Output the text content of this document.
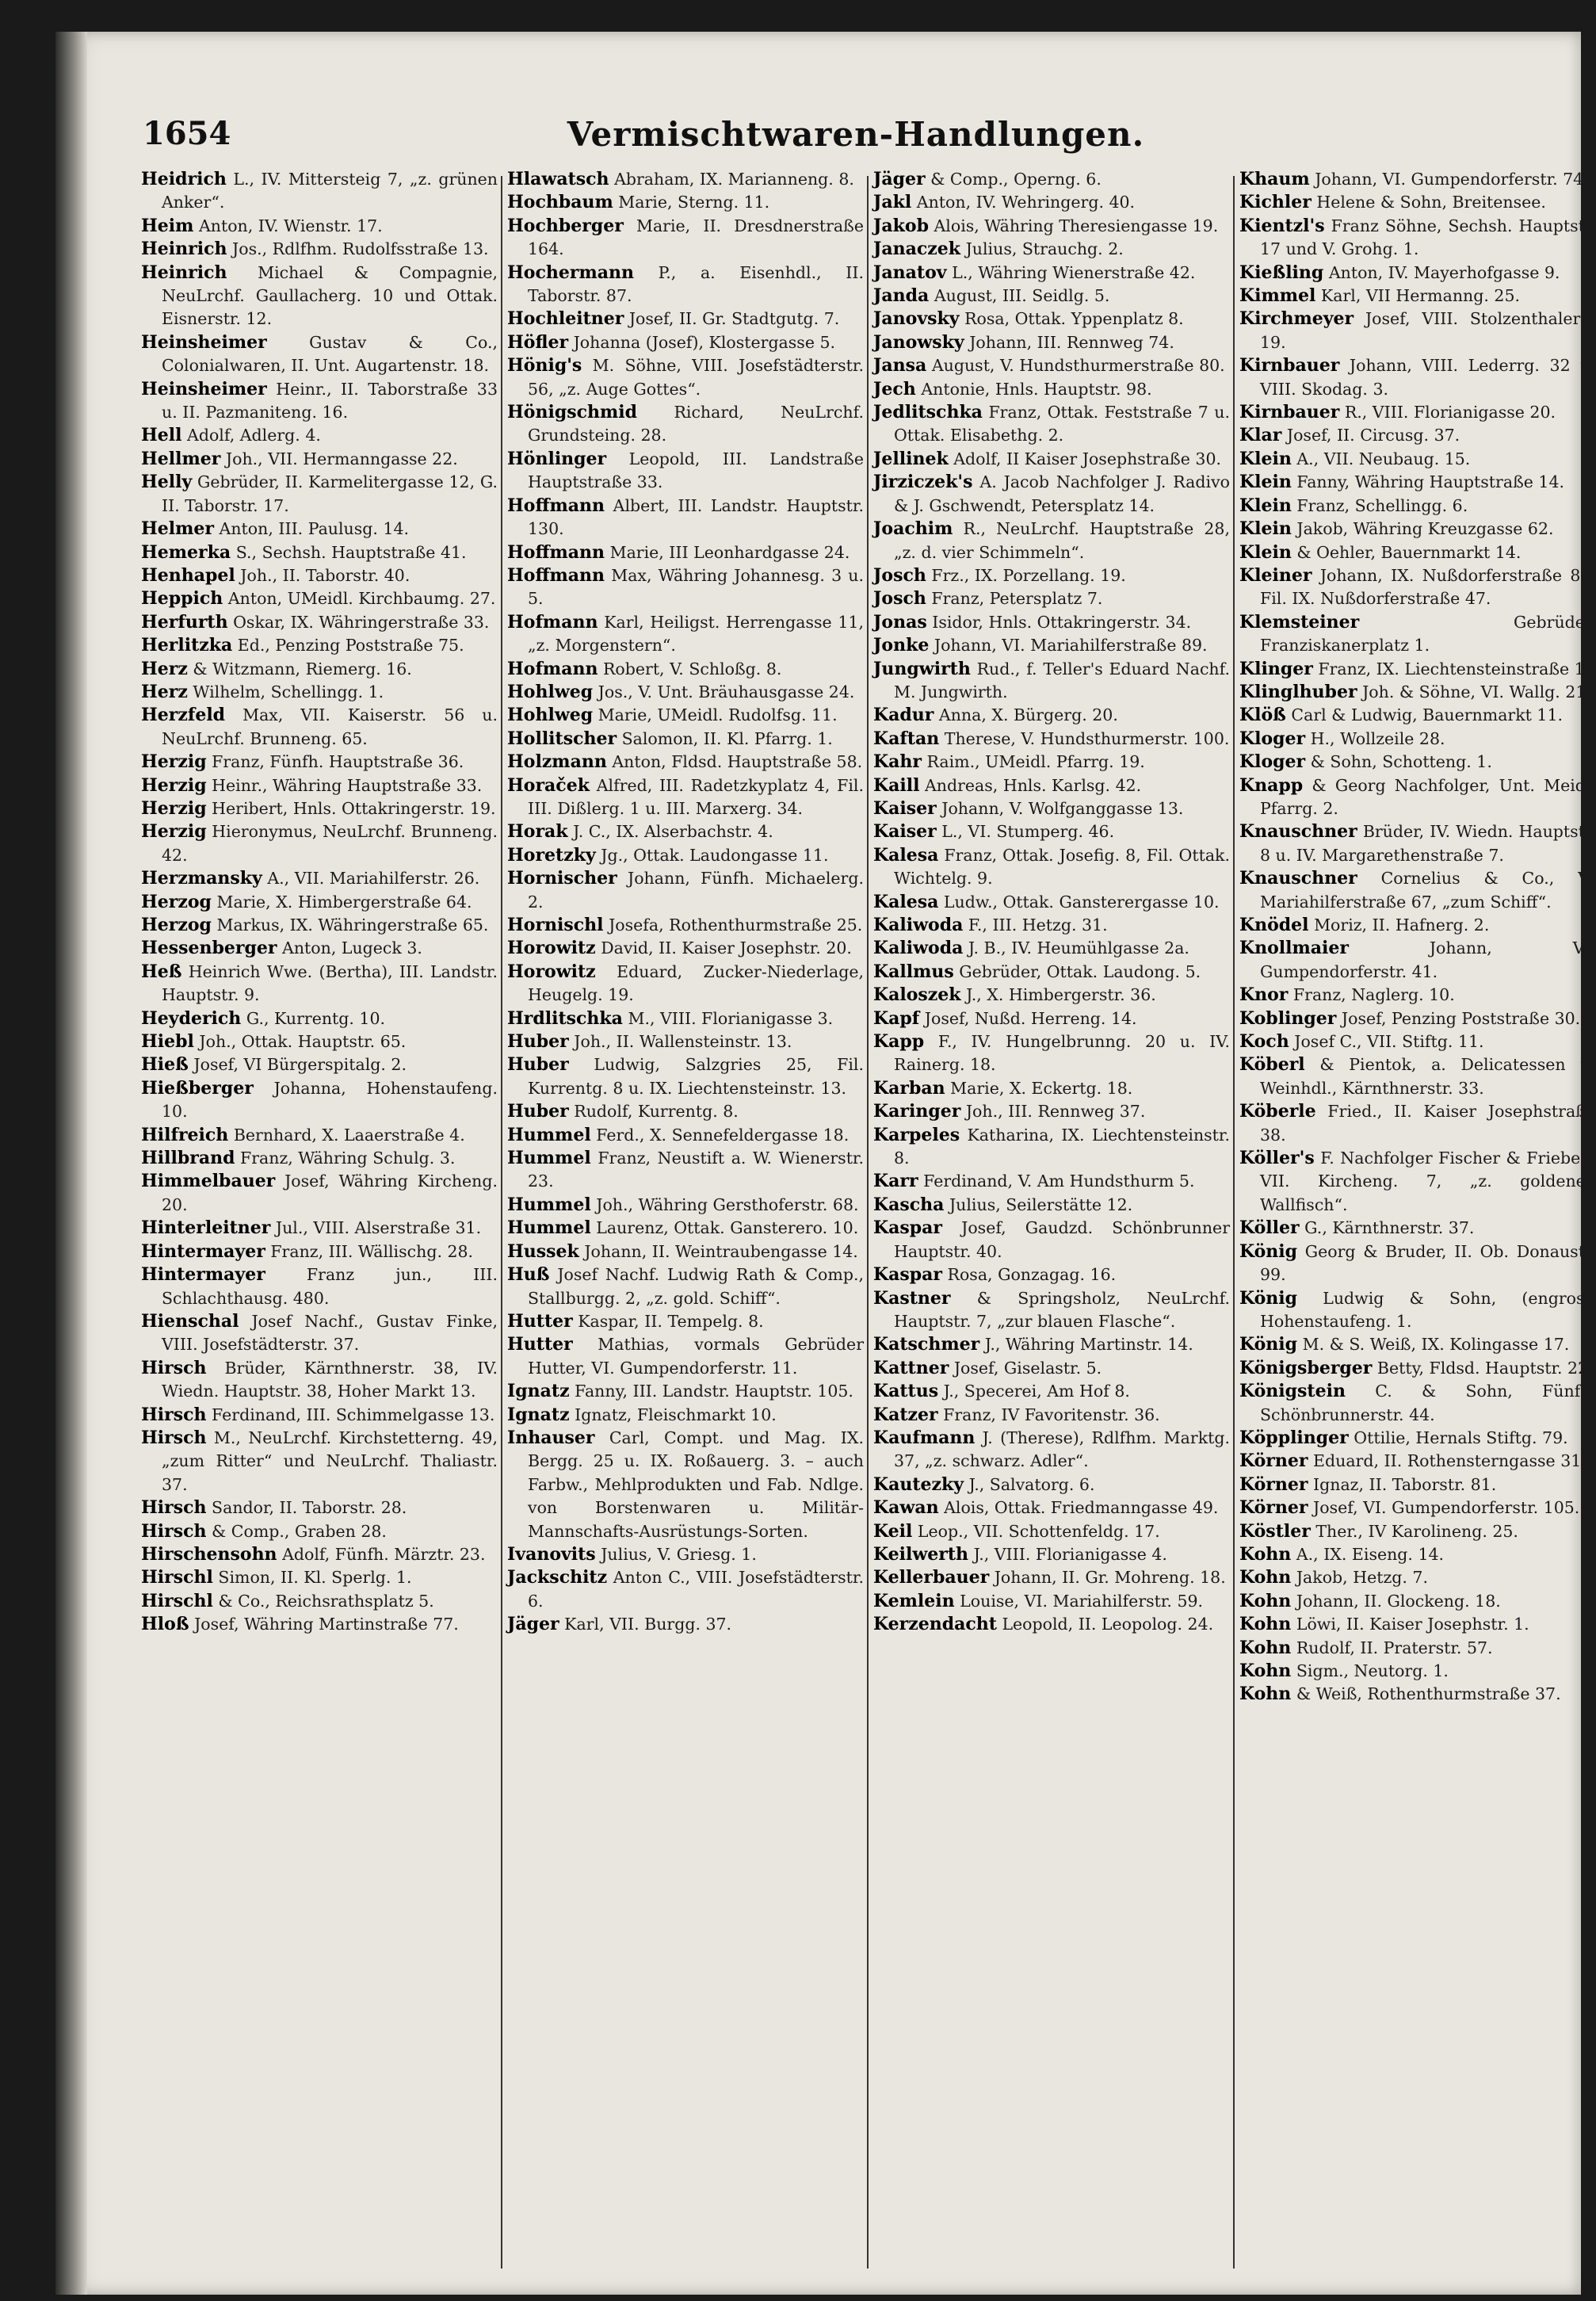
1654	Vermischtwaren-Handlungen.

Heidrich L., IV. Mittersteig 7, „z. grünen Anker“.

Heim Anton, IV. Wienstr. 17.

Heinrich Jos., Rdlfhm. Rudolfsstraße 13.

Heinrich Michael & Compagnie, NeuLrchf. Gaullacherg. 10 und Ottak. Eisnerstr. 12.

Heinsheimer	Gustav & Co., Colonialwaren, II. Unt. Augartenstr. 18.

Heinsheimer Heinr., II. Taborstraße 33 u. II. Pazmaniteng. 16.

Hell Adolf, Adlerg. 4.

Hellmer Joh., VII. Hermanngasse 22.

Helly Gebrüder, II. Karmelitergasse 12, G. II. Taborstr. 17.

Helmer Anton, III. Paulusg. 14.

Hemerka S., Sechsh. Hauptstraße 41.

Henhapel Joh., II. Taborstr. 40.

Heppich Anton, UMeidl. Kirchbaumg. 27.

Herfurth Oskar, IX. Währingerstraße 33.

Herlitzka Ed., Penzing Poststraße 75.

Herz & Witzmann, Riemerg. 16.

Herz Wilhelm, Schellingg. 1.

Herzfeld Max, VII. Kaiserstr. 56 u. NeuLrchf. Brunneng. 65.

Herzig Franz, Fünfh. Hauptstraße 36.

Herzig Heinr., Währing Hauptstraße 33.

Herzig Heribert, Hnls. Ottakringerstr. 19.

Herzig Hieronymus, NeuLrchf. Brunneng. 42.

Herzmansky A., VII. Mariahilferstr. 26.

Herzog Marie, X. Himbergerstraße 64.

Herzog Markus, IX. Währingerstraße 65.

Hessenberger Anton, Lugeck 3.

Heß Heinrich Wwe. (Bertha), III. Landstr. Hauptstr. 9.

Heyderich G., Kurrentg. 10.

Hiebl Joh., Ottak. Hauptstr. 65.

Hieß Josef, VI Bürgerspitalg. 2.

Hießberger Johanna, Hohenstaufeng. 10.

Hilfreich Bernhard, X. Laaerstraße 4.

Hillbrand Franz, Währing Schulg. 3.

Himmelbauer Josef, Währing Kircheng. 20.

Hinterleitner Jul., VIII. Alserstraße 31.

Hintermayer Franz, III. Wällischg. 28.

Hintermayer	Franz jun., III. Schlachthausg. 480.

Hienschal Josef Nachf., Gustav Finke, VIII. Josefstädterstr. 37.

Hirsch Brüder, Kärnthnerstr. 38, IV. Wiedn. Hauptstr. 38, Hoher Markt 13.

Hirsch Ferdinand, III. Schimmelgasse 13.

Hirsch M., NeuLrchf. Kirchstetterng. 49, „zum Ritter“ und NeuLrchf. Thaliastr. 37.

Hirsch Sandor, II. Taborstr. 28.

Hirsch & Comp., Graben 28.

Hirschensohn Adolf, Fünfh. Märztr. 23.

Hirschl Simon, II. Kl. Sperlg. 1.

Hirschl & Co., Reichsrathsplatz 5.

Hloß Josef, Währing Martinstraße 77.

Hlawatsch Abraham, IX. Marianneng. 8.

Hochbaum Marie, Sterng. 11.

Hochberger Marie, II. Dresdnerstraße 164.

Hochermann P., a. Eisenhdl., II. Taborstr. 87.

Hochleitner Josef, II. Gr. Stadtgutg. 7.

Höfler Johanna (Josef), Klostergasse 5.

Hönig's M. Söhne, VIII. Josefstädterstr. 56, „z. Auge Gottes“.

Hönigschmid Richard, NeuLrchf. Grundsteing. 28.

Hönlinger Leopold, III. Landstraße Hauptstraße 33.

Hoffmann Albert, III. Landstr. Hauptstr. 130.

Hoffmann Marie, III Leonhardgasse 24.

Hoffmann Max, Währing Johannesg. 3 u. 5.

Hofmann Karl, Heiligst. Herrengasse 11, „z. Morgenstern“.

Hofmann Robert, V. Schloßg. 8.

Hohlweg Jos., V. Unt. Bräuhausgasse 24.

Hohlweg Marie, UMeidl. Rudolfsg. 11.

Hollitscher Salomon, II. Kl. Pfarrg. 1.

Holzmann Anton, Fldsd. Hauptstraße 58.

Horaček Alfred, III. Radetzkyplatz 4, Fil. III. Dißlerg. 1 u. III. Marxerg. 34.

Horak J. C., IX. Alserbachstr. 4.

Horetzky Jg., Ottak. Laudongasse 11.

Hornischer Johann, Fünfh. Michaelerg. 2.

Hornischl Josefa, Rothenthurmstraße 25.

Horowitz David, II. Kaiser Josephstr. 20.

Horowitz Eduard, Zucker-Niederlage, Heugelg. 19.

Hrdlitschka M., VIII. Florianigasse 3.

Huber Joh., II. Wallensteinstr. 13.

Huber Ludwig, Salzgries 25, Fil. Kurrentg. 8 u. IX. Liechtensteinstr. 13.

Huber Rudolf, Kurrentg. 8.

Hummel Ferd., X. Sennefeldergasse 18.

Hummel Franz, Neustift a. W. Wienerstr. 23.

Hummel Joh., Währing Gersthoferstr. 68.

Hummel Laurenz, Ottak. Gansterero. 10.

Hussek Johann, II. Weintraubengasse 14.

Huß Josef Nachf. Ludwig Rath & Comp., Stallburgg. 2, „z. gold. Schiff“.

Hutter Kaspar, II. Tempelg. 8.

Hutter Mathias, vormals Gebrüder Hutter, VI. Gumpendorferstr. 11.

Ignatz Fanny, III. Landstr. Hauptstr. 105.

Ignatz Ignatz, Fleischmarkt 10.

Inhauser Carl, Compt. und Mag. IX. Bergg. 25 u. IX. Roßauerg. 3. – auch Farbw., Mehlprodukten und Fab. Ndlge. von Borstenwaren u. Militär-Mannschafts-Ausrüstungs-Sorten.

Ivanovits Julius, V. Griesg. 1.

Jackschitz Anton C., VIII. Josefstädterstr. 6.

Jäger Karl, VII. Burgg. 37.

Jäger & Comp., Operng. 6.

Jakl Anton, IV. Wehringerg. 40.

Jakob Alois, Währing Theresiengasse 19.

Janaczek Julius, Strauchg. 2.

Janatov L., Währing Wienerstraße 42.

Janda August, III. Seidlg. 5.

Janovsky Rosa, Ottak. Yppenplatz 8.

Janowsky Johann, III. Rennweg 74.

Jansa August, V. Hundsthurmerstraße 80.

Jech Antonie, Hnls. Hauptstr. 98.

Jedlitschka Franz, Ottak. Feststraße 7 u. Ottak. Elisabethg. 2.

Jellinek Adolf, II Kaiser Josephstraße 30.

Jirziczek's A. Jacob Nachfolger J. Radivo & J. Gschwendt, Petersplatz 14.

Joachim R., NeuLrchf. Hauptstraße 28, „z. d. vier Schimmeln“.

Josch Frz., IX. Porzellang. 19.

Josch Franz, Petersplatz 7.

Jonas Isidor, Hnls. Ottakringerstr. 34.

Jonke Johann, VI. Mariahilferstraße 89.

Jungwirth Rud., f. Teller's Eduard Nachf. M. Jungwirth.

Kadur Anna, X. Bürgerg. 20.

Kaftan Therese, V. Hundsthurmerstr. 100.

Kahr Raim., UMeidl. Pfarrg. 19.

Kaill Andreas, Hnls. Karlsg. 42.

Kaiser Johann, V. Wolfganggasse 13.

Kaiser L., VI. Stumperg. 46.

Kalesa Franz, Ottak. Josefig. 8, Fil. Ottak. Wichtelg. 9.

Kalesa Ludw., Ottak. Gansterergasse 10.

Kaliwoda F., III. Hetzg. 31.

Kaliwoda J. B., IV. Heumühlgasse 2a.

Kallmus Gebrüder, Ottak. Laudong. 5.

Kaloszek J., X. Himbergerstr. 36.

Kapf Josef, Nußd. Herreng. 14.

Kapp F., IV. Hungelbrunng. 20 u. IV. Rainerg. 18.

Karban Marie, X. Eckertg. 18.

Karinger Joh., III. Rennweg 37.

Karpeles Katharina, IX. Liechtensteinstr. 8.

Karr Ferdinand, V. Am Hundsthurm 5.

Kascha Julius, Seilerstätte 12.

Kaspar Josef, Gaudzd. Schönbrunner Hauptstr. 40.

Kaspar Rosa, Gonzagag. 16.

Kastner & Springsholz, NeuLrchf. Hauptstr. 7, „zur blauen Flasche“.

Katschmer J., Währing Martinstr. 14.

Kattner Josef, Giselastr. 5.

Kattus J., Specerei, Am Hof 8.

Katzer Franz, IV Favoritenstr. 36.

Kaufmann J. (Therese), Rdlfhm. Marktg. 37, „z. schwarz. Adler“.

Kautezky J., Salvatorg. 6.

Kawan Alois, Ottak. Friedmanngasse 49.

Keil Leop., VII. Schottenfeldg. 17.

Keilwerth J., VIII. Florianigasse 4.

Kellerbauer Johann, II. Gr. Mohreng. 18.

Kemlein Louise, VI. Mariahilferstr. 59.

Kerzendacht Leopold, II. Leopolog. 24.

Khaum Johann, VI. Gumpendorferstr. 74.

Kichler Helene & Sohn, Breitensee.

Kientzl's Franz Söhne, Sechsh. Hauptstr. 17 und V. Grohg. 1.

Kießling Anton, IV. Mayerhofgasse 9.

Kimmel Karl, VII Hermanng. 25.

Kirchmeyer Josef, VIII. Stolzenthalerg. 19.

Kirnbauer Johann, VIII. Lederrg. 32 u. VIII. Skodag. 3.

Kirnbauer R., VIII. Florianigasse 20.

Klar Josef, II. Circusg. 37.

Klein A., VII. Neubaug. 15.

Klein Fanny, Währing Hauptstraße 14.

Klein Franz, Schellingg. 6.

Klein Jakob, Währing Kreuzgasse 62.

Klein & Oehler, Bauernmarkt 14.

Kleiner Johann, IX. Nußdorferstraße 80, Fil. IX. Nußdorferstraße 47.

Klemsteiner	Gebrüder, Franziskanerplatz 1.

Klinger Franz, IX. Liechtensteinstraße 1.

Klinglhuber Joh. & Söhne, VI. Wallg. 21.

Klöß Carl & Ludwig, Bauernmarkt 11.

Kloger H., Wollzeile 28.

Kloger & Sohn, Schotteng. 1.

Knapp & Georg Nachfolger, Unt. Meidl. Pfarrg. 2.

Knauschner Brüder, IV. Wiedn. Hauptstr. 8 u. IV. Margarethenstraße 7.

Knauschner Cornelius & Co., VI Mariahilferstraße 67, „zum Schiff“.

Knödel Moriz, II. Hafnerg. 2.

Knollmaier	Johann, VI. Gumpendorferstr. 41.

Knor Franz, Naglerg. 10.

Koblinger Josef, Penzing Poststraße 30.

Koch Josef C., VII. Stiftg. 11.

Köberl & Pientok, a. Delicatessen u. Weinhdl., Kärnthnerstr. 33.

Köberle Fried., II. Kaiser Josephstraße 38.

Köller's F. Nachfolger Fischer & Frieben, VII. Kircheng. 7, „z. goldenen Wallfisch“.

Köller G., Kärnthnerstr. 37.

König Georg & Bruder, II. Ob. Donaustr. 99.

König Ludwig & Sohn, (engros), Hohenstaufeng. 1.

König M. & S. Weiß, IX. Kolingasse 17.

Königsberger Betty, Fldsd. Hauptstr. 22.

Königstein C. & Sohn, Fünfh. Schönbrunnerstr. 44.

Köpplinger Ottilie, Hernals Stiftg. 79.

Körner Eduard, II. Rothensterngasse 31.

Körner Ignaz, II. Taborstr. 81.

Körner Josef, VI. Gumpendorferstr. 105.

Köstler Ther., IV Karolineng. 25.

Kohn A., IX. Eiseng. 14.

Kohn Jakob, Hetzg. 7.

Kohn Johann, II. Glockeng. 18.

Kohn Löwi, II. Kaiser Josephstr. 1.

Kohn Rudolf, II. Praterstr. 57.

Kohn Sigm., Neutorg. 1.

Kohn & Weiß, Rothenthurmstraße 37.
